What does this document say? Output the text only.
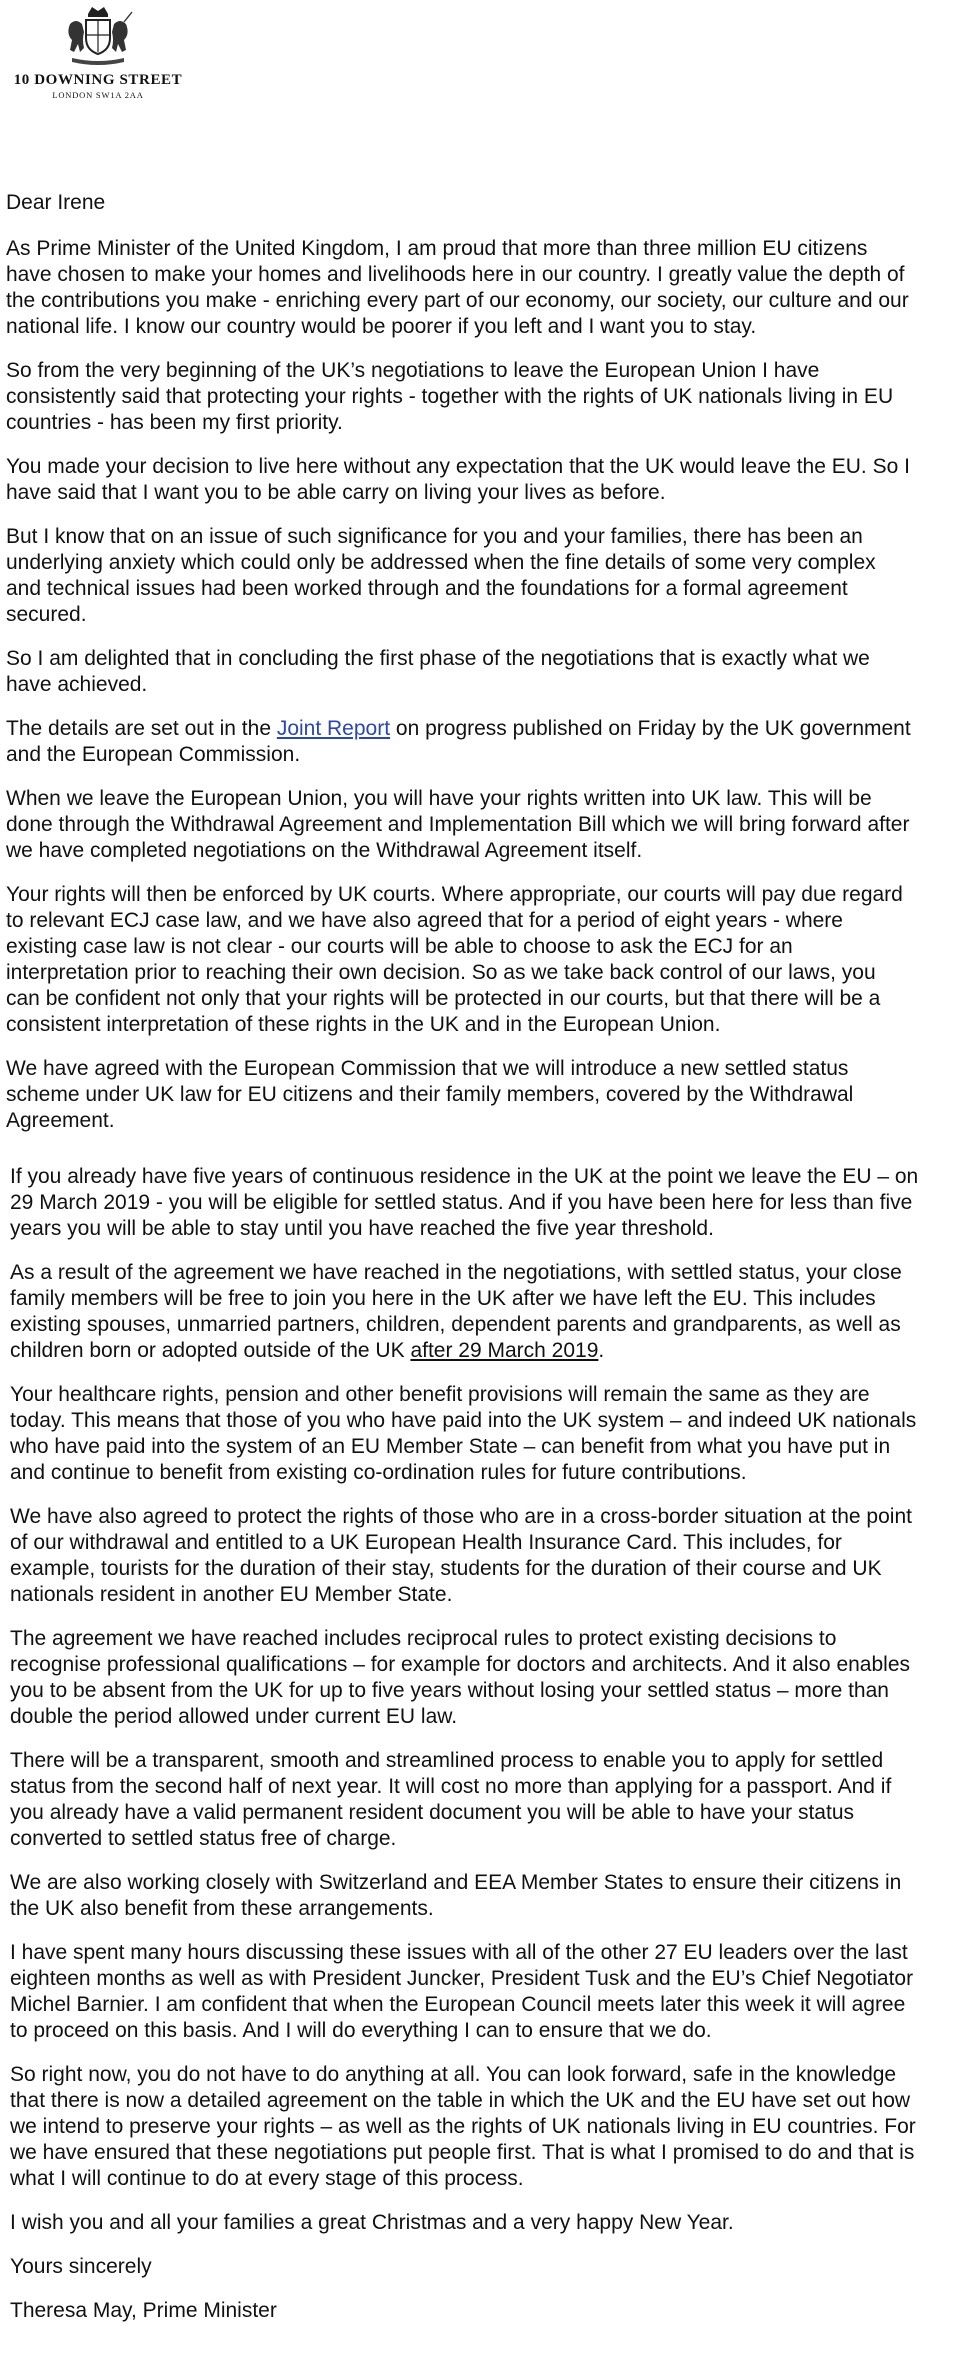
10 DOWNING STREET
LONDON SW1A 2AA

Dear Irene

As Prime Minister of the United Kingdom, I am proud that more than three million EU citizens
have chosen to make your homes and livelihoods here in our country. I greatly value the depth of
the contributions you make - enriching every part of our economy, our society, our culture and our
national life. I know our country would be poorer if you left and I want you to stay.

So from the very beginning of the UK’s negotiations to leave the European Union I have
consistently said that protecting your rights - together with the rights of UK nationals living in EU
countries - has been my first priority.

You made your decision to live here without any expectation that the UK would leave the EU. So I
have said that I want you to be able carry on living your lives as before.

But I know that on an issue of such significance for you and your families, there has been an
underlying anxiety which could only be addressed when the fine details of some very complex
and technical issues had been worked through and the foundations for a formal agreement
secured.

So I am delighted that in concluding the first phase of the negotiations that is exactly what we
have achieved.

The details are set out in the Joint Report on progress published on Friday by the UK government
and the European Commission.

When we leave the European Union, you will have your rights written into UK law. This will be
done through the Withdrawal Agreement and Implementation Bill which we will bring forward after
we have completed negotiations on the Withdrawal Agreement itself.

Your rights will then be enforced by UK courts. Where appropriate, our courts will pay due regard
to relevant ECJ case law, and we have also agreed that for a period of eight years - where
existing case law is not clear - our courts will be able to choose to ask the ECJ for an
interpretation prior to reaching their own decision. So as we take back control of our laws, you
can be confident not only that your rights will be protected in our courts, but that there will be a
consistent interpretation of these rights in the UK and in the European Union.

We have agreed with the European Commission that we will introduce a new settled status
scheme under UK law for EU citizens and their family members, covered by the Withdrawal
Agreement.

If you already have five years of continuous residence in the UK at the point we leave the EU – on
29 March 2019 - you will be eligible for settled status. And if you have been here for less than five
years you will be able to stay until you have reached the five year threshold.

As a result of the agreement we have reached in the negotiations, with settled status, your close
family members will be free to join you here in the UK after we have left the EU. This includes
existing spouses, unmarried partners, children, dependent parents and grandparents, as well as
children born or adopted outside of the UK after 29 March 2019.

Your healthcare rights, pension and other benefit provisions will remain the same as they are
today. This means that those of you who have paid into the UK system – and indeed UK nationals
who have paid into the system of an EU Member State – can benefit from what you have put in
and continue to benefit from existing co-ordination rules for future contributions.

We have also agreed to protect the rights of those who are in a cross-border situation at the point
of our withdrawal and entitled to a UK European Health Insurance Card. This includes, for
example, tourists for the duration of their stay, students for the duration of their course and UK
nationals resident in another EU Member State.

The agreement we have reached includes reciprocal rules to protect existing decisions to
recognise professional qualifications – for example for doctors and architects. And it also enables
you to be absent from the UK for up to five years without losing your settled status – more than
double the period allowed under current EU law.

There will be a transparent, smooth and streamlined process to enable you to apply for settled
status from the second half of next year. It will cost no more than applying for a passport. And if
you already have a valid permanent resident document you will be able to have your status
converted to settled status free of charge.

We are also working closely with Switzerland and EEA Member States to ensure their citizens in
the UK also benefit from these arrangements.

I have spent many hours discussing these issues with all of the other 27 EU leaders over the last
eighteen months as well as with President Juncker, President Tusk and the EU’s Chief Negotiator
Michel Barnier. I am confident that when the European Council meets later this week it will agree
to proceed on this basis. And I will do everything I can to ensure that we do.

So right now, you do not have to do anything at all. You can look forward, safe in the knowledge
that there is now a detailed agreement on the table in which the UK and the EU have set out how
we intend to preserve your rights – as well as the rights of UK nationals living in EU countries. For
we have ensured that these negotiations put people first. That is what I promised to do and that is
what I will continue to do at every stage of this process.

I wish you and all your families a great Christmas and a very happy New Year.

Yours sincerely

Theresa May, Prime Minister
